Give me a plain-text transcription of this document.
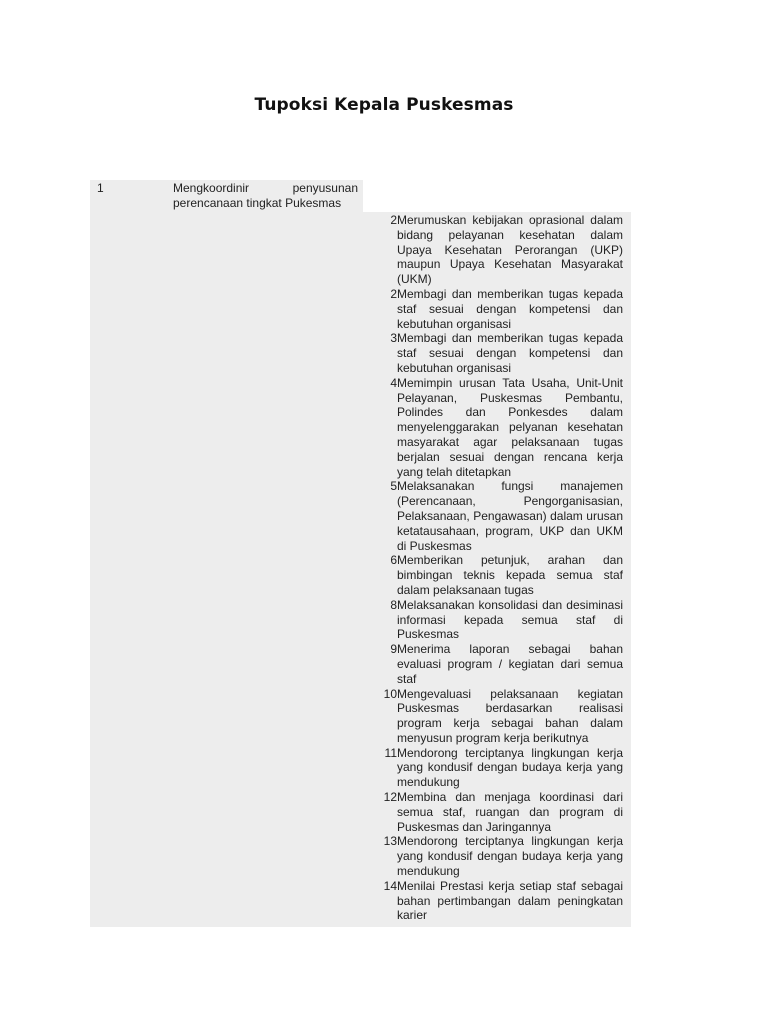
Tupoksi Kepala Puskesmas
1	Mengkoordinir penyusunan perencanaan tingkat Pukesmas
2 Merumuskan kebijakan oprasional dalam bidang pelayanan kesehatan dalam Upaya Kesehatan Perorangan (UKP) maupun Upaya Kesehatan Masyarakat (UKM)
2 Membagi dan memberikan tugas kepada staf sesuai dengan kompetensi dan kebutuhan organisasi
3 Membagi dan memberikan tugas kepada staf sesuai dengan kompetensi dan kebutuhan organisasi
4 Memimpin urusan Tata Usaha, Unit-Unit Pelayanan, Puskesmas Pembantu, Polindes dan Ponkesdes dalam menyelenggarakan pelyanan kesehatan masyarakat agar pelaksanaan tugas berjalan sesuai dengan rencana kerja yang telah ditetapkan
5 Melaksanakan fungsi manajemen (Perencanaan, Pengorganisasian, Pelaksanaan, Pengawasan) dalam urusan ketatausahaan, program, UKP dan UKM di Puskesmas
6 Memberikan petunjuk, arahan dan bimbingan teknis kepada semua staf dalam pelaksanaan tugas
8 Melaksanakan konsolidasi dan desiminasi informasi kepada semua staf di Puskesmas
9 Menerima laporan sebagai bahan evaluasi program / kegiatan dari semua staf
10 Mengevaluasi pelaksanaan kegiatan Puskesmas berdasarkan realisasi program kerja sebagai bahan dalam menyusun program kerja berikutnya
11 Mendorong terciptanya lingkungan kerja yang kondusif dengan budaya kerja yang mendukung
12 Membina dan menjaga koordinasi dari semua staf, ruangan dan program di Puskesmas dan Jaringannya
13 Mendorong terciptanya lingkungan kerja yang kondusif dengan budaya kerja yang mendukung
14 Menilai Prestasi kerja setiap staf sebagai bahan pertimbangan dalam peningkatan karier
